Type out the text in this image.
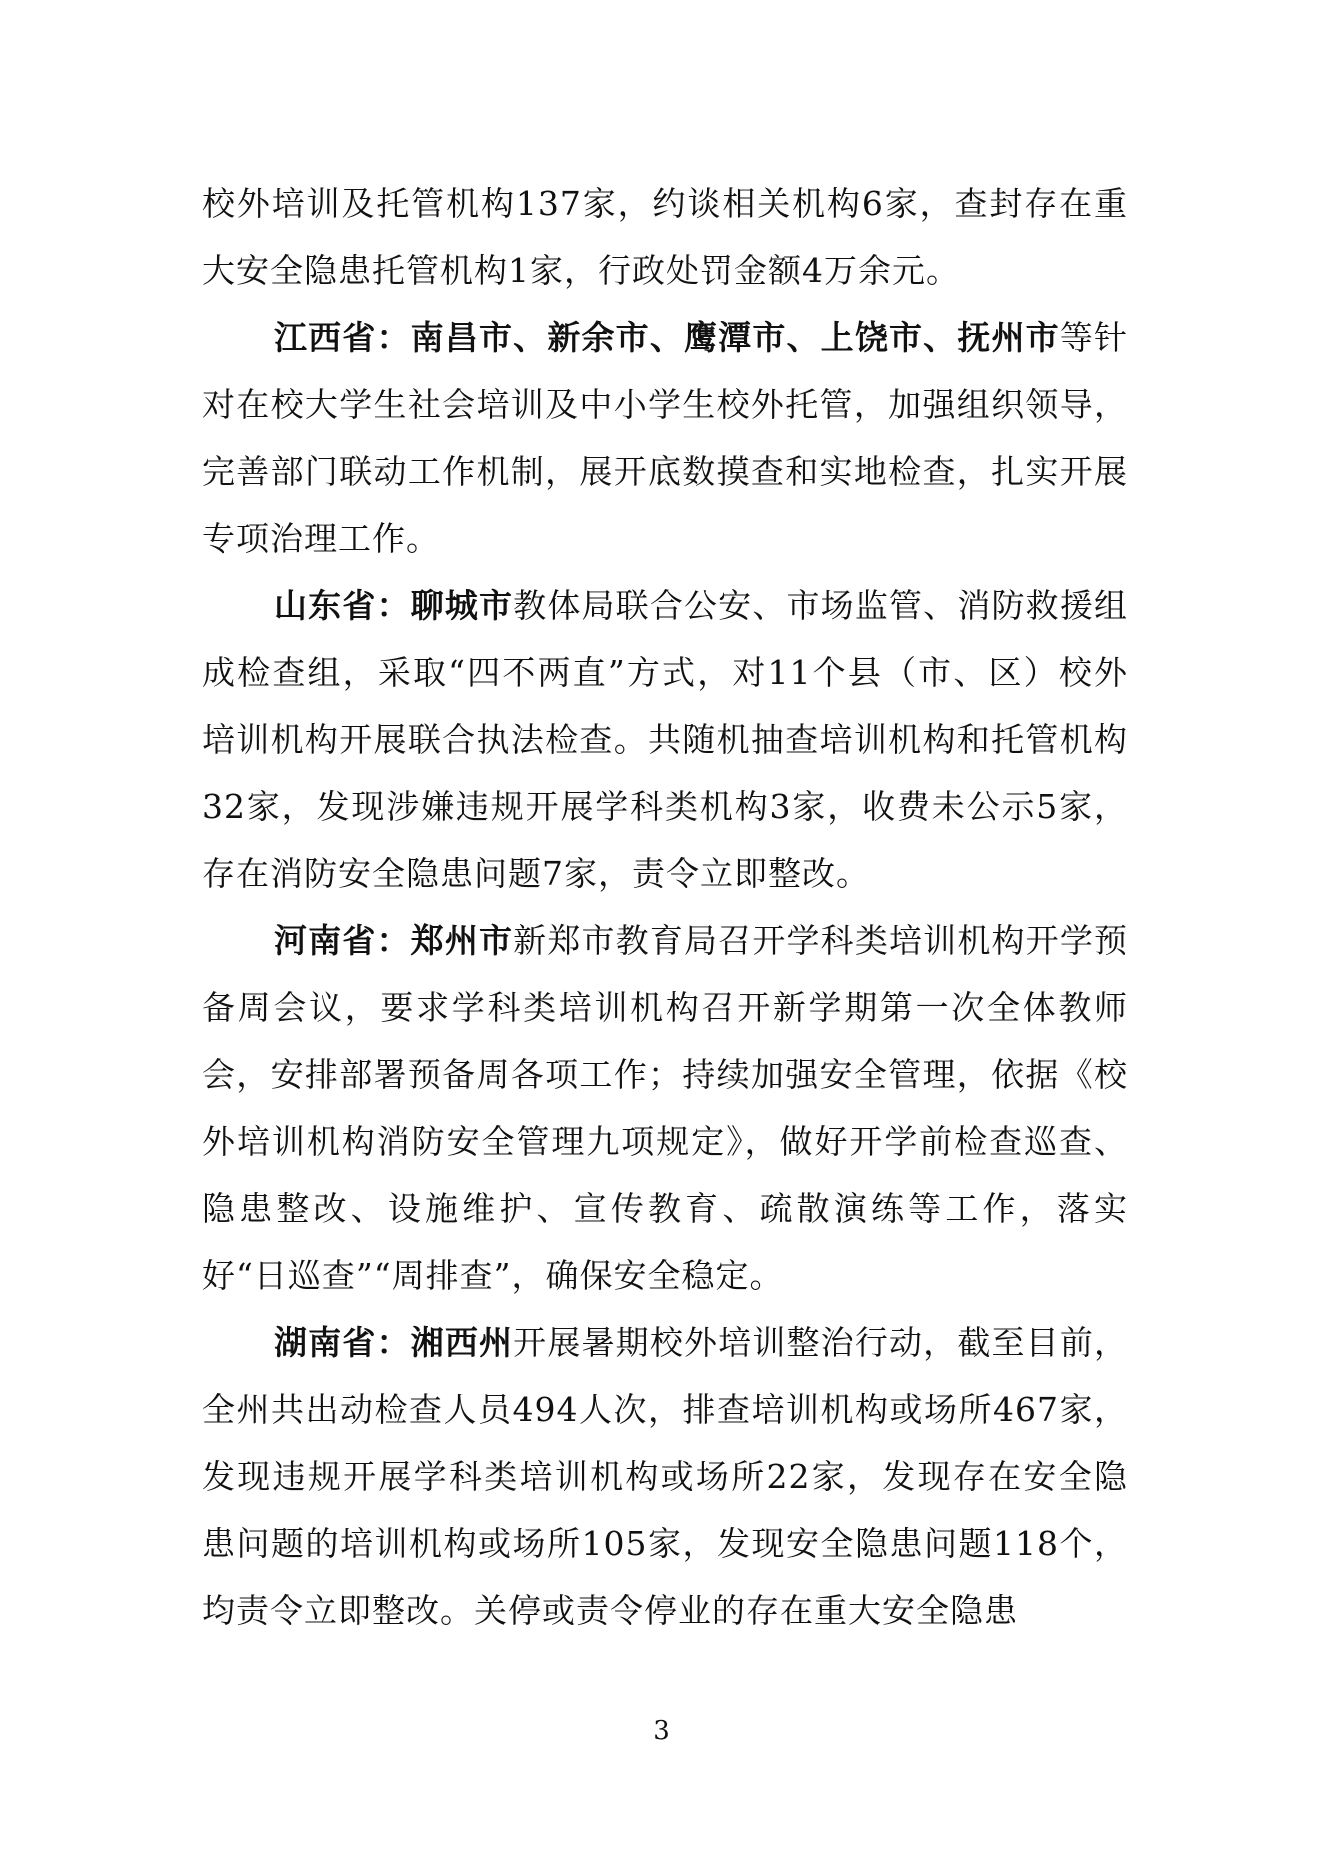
校外培训及托管机构137家，约谈相关机构6家，查封存在重大安全隐患托管机构1家，行政处罚金额4万余元。

江西省：南昌市、新余市、鹰潭市、上饶市、抚州市等针对在校大学生社会培训及中小学生校外托管，加强组织领导，完善部门联动工作机制，展开底数摸查和实地检查，扎实开展专项治理工作。

山东省：聊城市教体局联合公安、市场监管、消防救援组成检查组，采取“四不两直”方式，对11个县（市、区）校外培训机构开展联合执法检查。共随机抽查培训机构和托管机构32家，发现涉嫌违规开展学科类机构3家，收费未公示5家，存在消防安全隐患问题7家，责令立即整改。

河南省：郑州市新郑市教育局召开学科类培训机构开学预备周会议，要求学科类培训机构召开新学期第一次全体教师会，安排部署预备周各项工作；持续加强安全管理，依据《校外培训机构消防安全管理九项规定》，做好开学前检查巡查、隐患整改、设施维护、宣传教育、疏散演练等工作，落实好“日巡查”“周排查”，确保安全稳定。

湖南省：湘西州开展暑期校外培训整治行动，截至目前，全州共出动检查人员494人次，排查培训机构或场所467家，发现违规开展学科类培训机构或场所22家，发现存在安全隐患问题的培训机构或场所105家，发现安全隐患问题118个，均责令立即整改。关停或责令停业的存在重大安全隐患

3
